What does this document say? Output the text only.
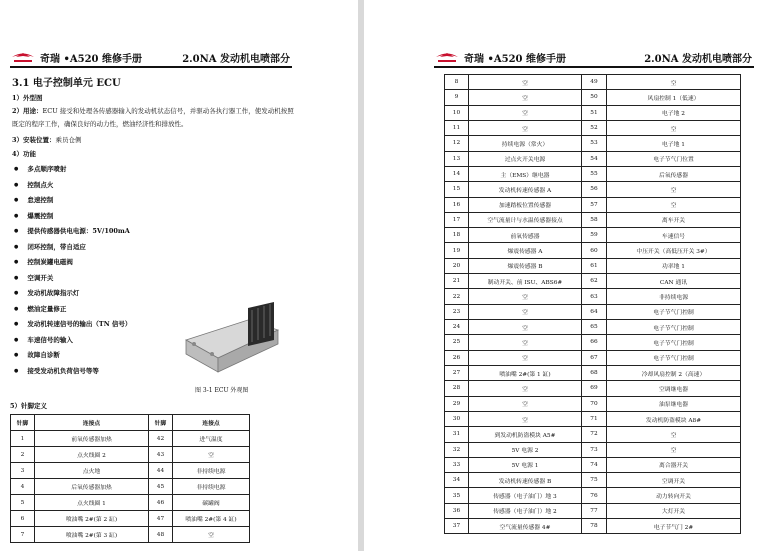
奇瑞 •A520 维修手册	2.0NA 发动机电喷部分
3.1 电子控制单元 ECU
1）外型图
2）用途：ECU 接受和处理各传感器输入的发动机状态信号，并驱动各执行器工作，使发动机按照既定的程序工作，确保良好的动力性，燃油经济性和排放性。
3）安装位置：乘员仓侧
4）功能
● 多点顺序喷射
● 控制点火
● 怠速控制
● 爆震控制
● 提供传感器供电电源：5V/100mA
● 闭环控制，带自适应
● 控制炭罐电磁阀
● 空调开关
● 发动机故障指示灯
● 燃油定量修正
● 发动机转速信号的输出（TN 信号）
● 车速信号的输入
● 故障自诊断
● 接受发动机负荷信号等等
图 3-1 ECU 外观图
5）针脚定义
针脚	连接点	针脚	连接点
1	前氧传感器加热	42	进气温度
2	点火线圈 2	43	空
3	点火地	44	非持续电源
4	后氧传感器加热	45	非持续电源
5	点火线圈 1	46	碳罐阀
6	喷油嘴 2#(第 2 缸)	47	喷油嘴 2#(第 4 缸)
7	喷油嘴 2#(第 3 缸)	48	空
奇瑞 •A520 维修手册	2.0NA 发动机电喷部分
8	空	49	空
9	空	50	风扇控制 1（低速）
10	空	51	电子地 2
11	空	52	空
12	持续电源（常火）	53	电子地 1
13	过点火开关电源	54	电子节气门位置
14	主（EMS）继电器	55	后氧传感器
15	发动机转速传感器 A	56	空
16	加速踏板位置传感器	57	空
17	空气流量计与水温传感器接点	58	离车开关
18	前氧传感器	59	车速信号
19	爆震传感器 A	60	中压开关（高低压开关 3#）
20	爆震传感器 B	61	功率地 1
21	制动开关、前 ISU、ABS6#	62	CAN 通讯
22	空	63	非持续电源
23	空	64	电子节气门控制
24	空	65	电子节气门控制
25	空	66	电子节气门控制
26	空	67	电子节气门控制
27	喷油嘴 2#(第 1 缸)	68	冷却风扇控制 2（高速）
28	空	69	空调继电器
29	空	70	油泵继电器
30	空	71	发动机防盗模块 A8#
31	到发动机防盗模块 A5#	72	空
32	5V 电源 2	73	空
33	5V 电源 1	74	离合器开关
34	发动机转速传感器 B	75	空调开关
35	传感器（电子油门）地 3	76	动力转向开关
36	传感器（电子油门）地 2	77	大灯开关
37	空气流量传感器 4#	78	电子节气门 2#
